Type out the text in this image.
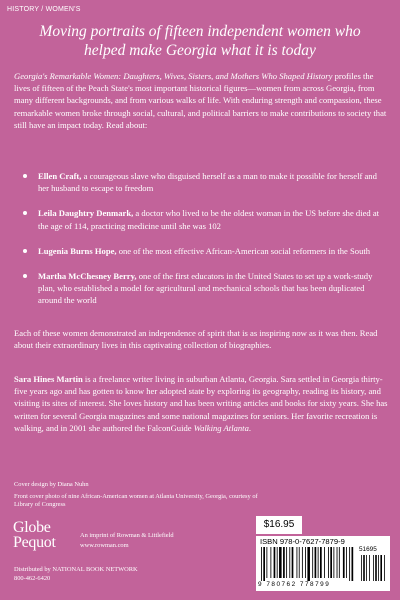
HISTORY / WOMEN'S
Moving portraits of fifteen independent women who helped make Georgia what it is today

Georgia's Remarkable Women: Daughters, Wives, Sisters, and Mothers Who Shaped History profiles the lives of fifteen of the Peach State's most important historical figures—women from across Georgia, from many different backgrounds, and from various walks of life. With enduring strength and compassion, these remarkable women broke through social, cultural, and political barriers to make contributions to society that still have an impact today. Read about:

Ellen Craft, a courageous slave who disguised herself as a man to make it possible for herself and her husband to escape to freedom
Leila Daughtry Denmark, a doctor who lived to be the oldest woman in the US before she died at the age of 114, practicing medicine until she was 102
Lugenia Burns Hope, one of the most effective African-American social reformers in the South
Martha McChesney Berry, one of the first educators in the United States to set up a work-study plan, who established a model for agricultural and mechanical schools that has been duplicated around the world

Each of these women demonstrated an independence of spirit that is as inspiring now as it was then. Read about their extraordinary lives in this captivating collection of biographies.

Sara Hines Martin is a freelance writer living in suburban Atlanta, Georgia. Sara settled in Georgia thirty-five years ago and has gotten to know her adopted state by exploring its geography, reading its history, and visiting its sites of interest. She loves history and has been writing articles and books for sixty years. She has written for several Georgia magazines and some national magazines for seniors. Her favorite recreation is walking, and in 2001 she authored the FalconGuide Walking Atlanta.

Cover design by Diana Nuhn

Front cover photo of nine African-American women at Atlanta University, Georgia, courtesy of Library of Congress

Globe
Pequot	An imprint of Rowman & Littlefield
www.rowman.com
Distributed by NATIONAL BOOK NETWORK
800-462-6420
$16.95
ISBN 978-0-7627-7879-9
9 780762 778799
51695
